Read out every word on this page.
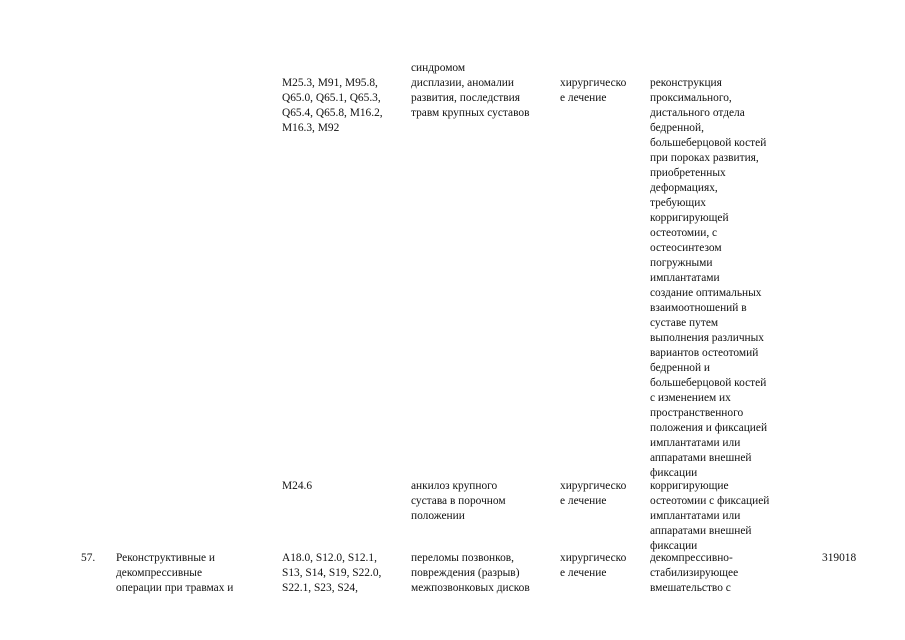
M25.3, M91, M95.8,
Q65.0, Q65.1, Q65.3,
Q65.4, Q65.8, M16.2,
M16.3, M92
синдромом
дисплазии, аномалии
развития, последствия
травм крупных суставов
хирургическо
е лечение
реконструкция
проксимального,
дистального отдела
бедренной,
большеберцовой костей
при пороках развития,
приобретенных
деформациях,
требующих
корригирующей
остеотомии, с
остеосинтезом
погружными
имплантатами
создание оптимальных
взаимоотношений в
суставе путем
выполнения различных
вариантов остеотомий
бедренной и
большеберцовой костей
с изменением их
пространственного
положения и фиксацией
имплантатами или
аппаратами внешней
фиксации
M24.6	анкилоз крупного
сустава в порочном
положении
хирургическо
е лечение
корригирующие
остеотомии с фиксацией
имплантатами или
аппаратами внешней
фиксации
57. Реконструктивные и
декомпрессивные
операции при травмах и
A18.0, S12.0, S12.1,
S13, S14, S19, S22.0,
S22.1, S23, S24,
переломы позвонков,
повреждения (разрыв)
межпозвонковых дисков
хирургическо
е лечение
декомпрессивно-
стабилизирующее
вмешательство с
319018
